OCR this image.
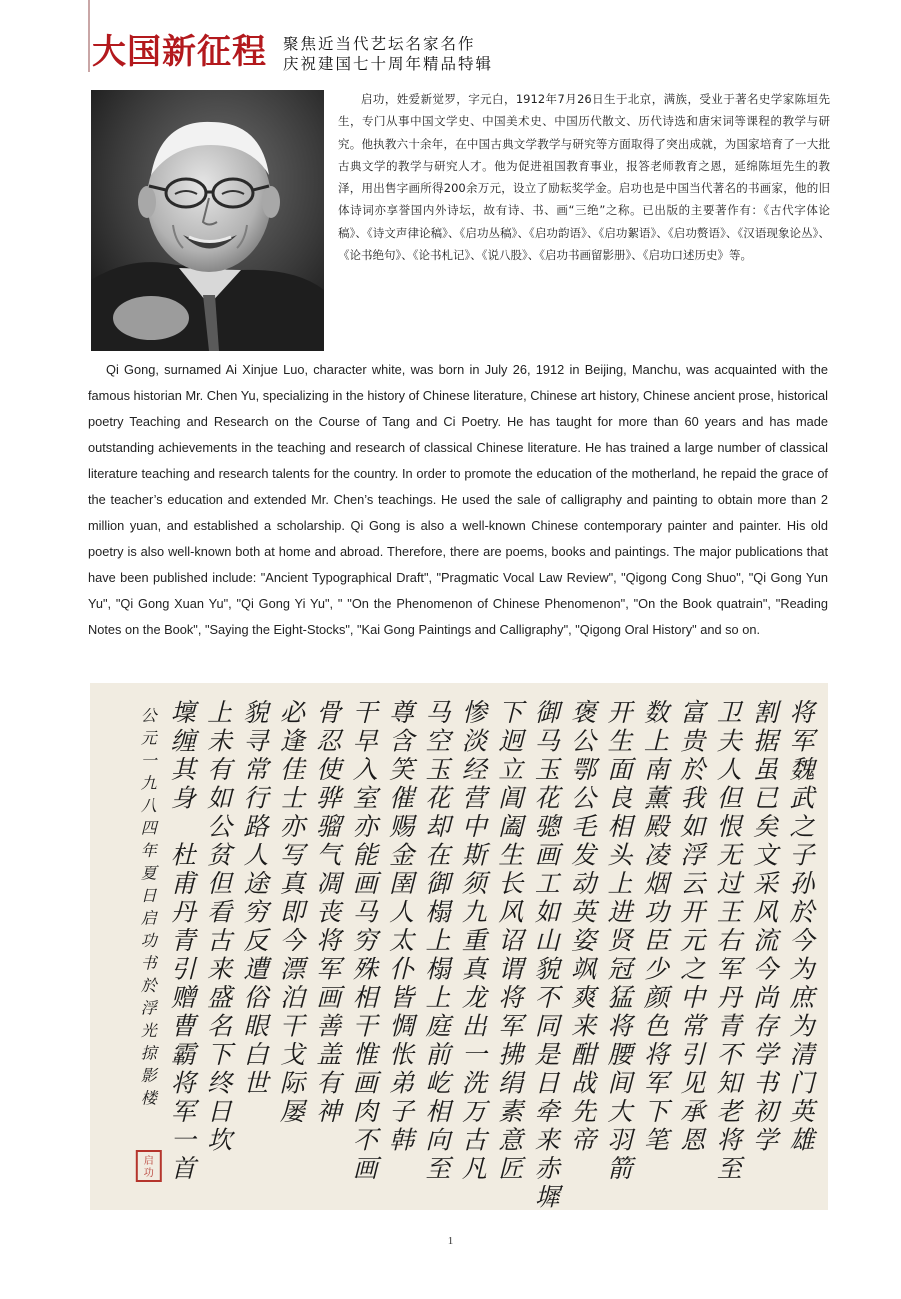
大国新征程 聚焦近当代艺坛名家名作
庆祝建国七十周年精品特辑

启功，姓爱新觉罗，字元白，1912年7月26日生于北京，满族，受业于著名史学家陈垣先生，专门从事中国文学史、中国美术史、中国历代散文、历代诗选和唐宋词等课程的教学与研究。他执教六十余年，在中国古典文学教学与研究等方面取得了突出成就，为国家培育了一大批古典文学的教学与研究人才。他为促进祖国教育事业，报答老师教育之恩，延绵陈垣先生的教泽，用出售字画所得200余万元，设立了励耘奖学金。启功也是中国当代著名的书画家，他的旧体诗词亦享誉国内外诗坛，故有诗、书、画“三绝”之称。已出版的主要著作有：《古代字体论稿》、《诗文声律论稿》、《启功丛稿》、《启功韵语》、《启功絮语》、《启功赘语》、《汉语现象论丛》、《论书绝句》、《论书札记》、《说八股》、《启功书画留影册》、《启功口述历史》等。

Qi Gong, surnamed Ai Xinjue Luo, character white, was born in July 26, 1912 in Beijing, Manchu, was acquainted with the famous historian Mr. Chen Yu, specializing in the history of Chinese literature, Chinese art history, Chinese ancient prose, historical poetry Teaching and Research on the Course of Tang and Ci Poetry. He has taught for more than 60 years and has made outstanding achievements in the teaching and research of classical Chinese literature. He has trained a large number of classical literature teaching and research talents for the country. In order to promote the education of the motherland, he repaid the grace of the teacher’s education and extended Mr. Chen’s teachings. He used the sale of calligraphy and painting to obtain more than 2 million yuan, and established a scholarship. Qi Gong is also a well-known Chinese contemporary painter and painter. His old poetry is also well-known both at home and abroad. Therefore, there are poems, books and paintings. The major publications that have been published include: "Ancient Typographical Draft", "Pragmatic Vocal Law Review", "Qigong Cong Shuo", "Qi Gong Yun Yu", "Qi Gong Xuan Yu", "Qi Gong Yi Yu", " "On the Phenomenon of Chinese Phenomenon", "On the Book quatrain", "Reading Notes on the Book", "Saying the Eight-Stocks", "Kai Gong Paintings and Calligraphy", "Qigong Oral History" and so on.

将
军
魏
武
之
子
孙
於
今
为
庶
为
清
门
英
雄
割
据
虽
已
矣
文
采
风
流
今
尚
存
学
书
初
学
卫
夫
人
但
恨
无
过
王
右
军
丹
青
不
知
老
将
至
富
贵
於
我
如
浮
云
开
元
之
中
常
引
见
承
恩
数
上
南
薰
殿
凌
烟
功
臣
少
颜
色
将
军
下
笔
开
生
面
良
相
头
上
进
贤
冠
猛
将
腰
间
大
羽
箭
褒
公
鄂
公
毛
发
动
英
姿
飒
爽
来
酣
战
先
帝
御
马
玉
花
骢
画
工
如
山
貌
不
同
是
日
牵
来
赤
墀
下
迥
立
阊
阖
生
长
风
诏
谓
将
军
拂
绢
素
意
匠
惨
淡
经
营
中
斯
须
九
重
真
龙
出
一
洗
万
古
凡
马
空
玉
花
却
在
御
榻
上
榻
上
庭
前
屹
相
向
至
尊
含
笑
催
赐
金
圉
人
太
仆
皆
惆
怅
弟
子
韩
干
早
入
室
亦
能
画
马
穷
殊
相
干
惟
画
肉
不
画
骨
忍
使
骅
骝
气
凋
丧
将
军
画
善
盖
有
神
必
逢
佳
士
亦
写
真
即
今
漂
泊
干
戈
际
屡
貌
寻
常
行
路
人
途
穷
反
遭
俗
眼
白
世
上
未
有
如
公
贫
但
看
古
来
盛
名
下
终
日
坎
壈
缠
其
身
杜
甫
丹
青
引
赠
曹
霸
将
军
一
首
公
元
一
九
八
四
年
夏
日
启
功
书
於
浮
光
掠
影
楼
启
功
1
